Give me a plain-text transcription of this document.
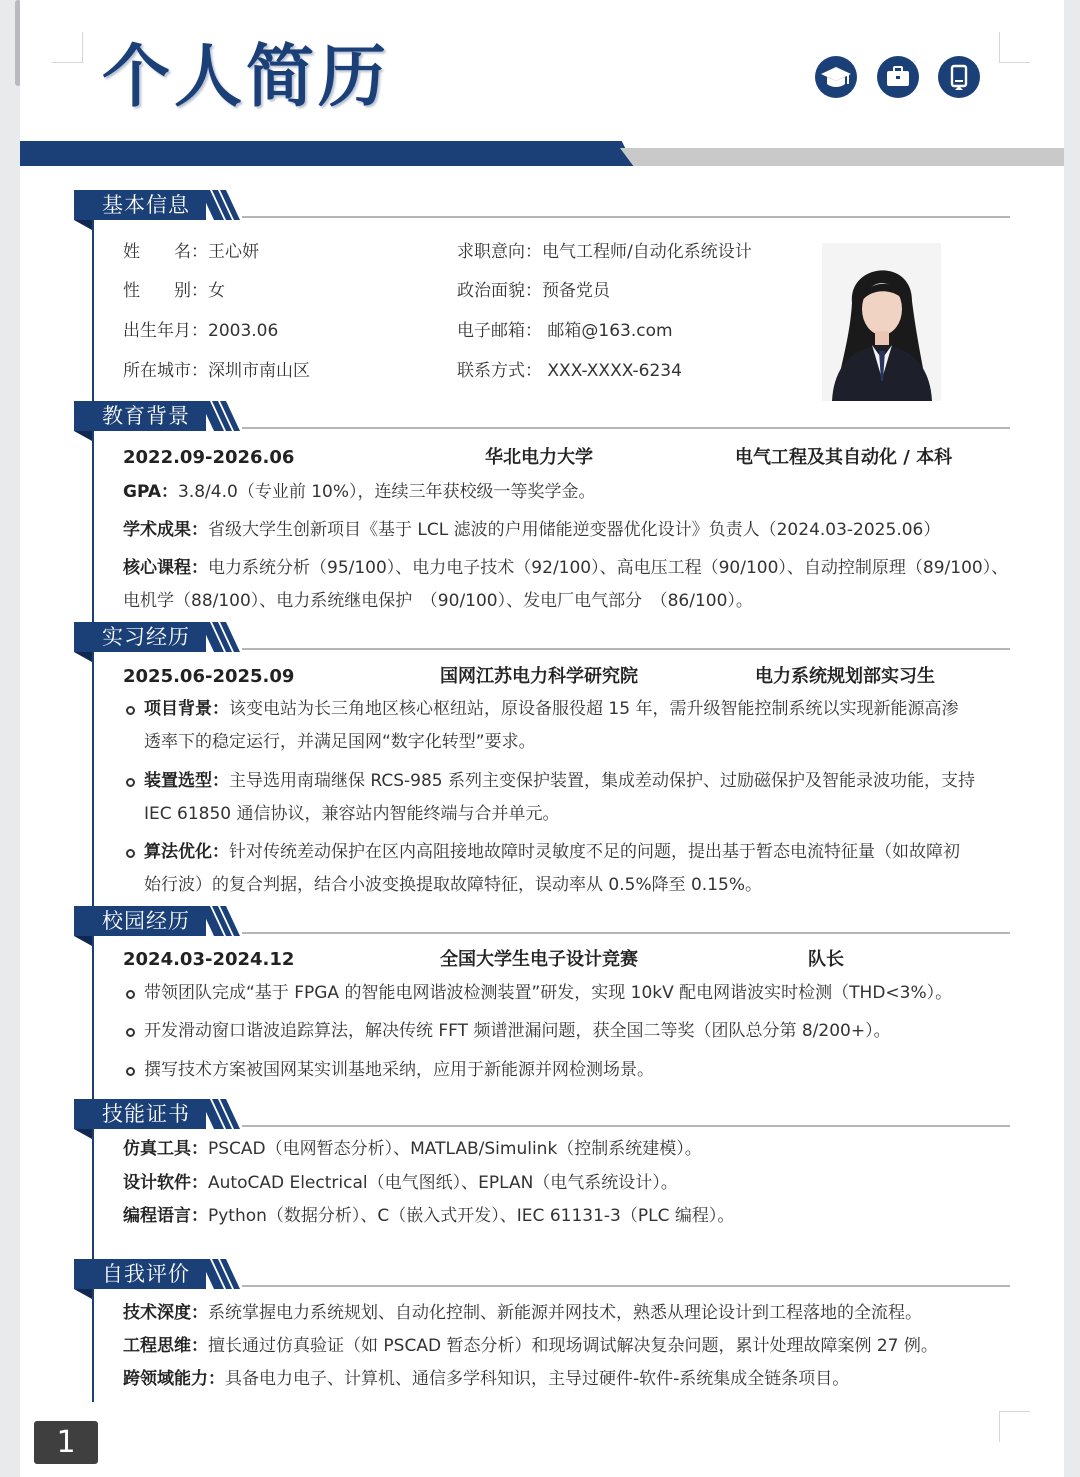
个人简历
基本信息
姓　　名：王心妍
性　　别：女
出生年月：2003.06
所在城市：深圳市南山区
求职意向：电气工程师/自动化系统设计
政治面貌：预备党员
电子邮箱： 邮箱@163.com
联系方式： XXX-XXXX-6234
教育背景
2022.09-2026.06	华北电力大学	电气工程及其自动化 / 本科
GPA：3.8/4.0（专业前 10%），连续三年获校级一等奖学金。
学术成果：省级大学生创新项目《基于 LCL 滤波的户用储能逆变器优化设计》负责人（2024.03-2025.06）
核心课程：电力系统分析（95/100）、电力电子技术（92/100）、高电压工程（90/100）、自动控制原理（89/100）、
电机学（88/100）、电力系统继电保护　（90/100）、发电厂电气部分　（86/100）。
实习经历
2025.06-2025.09	国网江苏电力科学研究院	电力系统规划部实习生
项目背景：该变电站为长三角地区核心枢纽站，原设备服役超 15 年，需升级智能控制系统以实现新能源高渗
透率下的稳定运行，并满足国网“数字化转型”要求。
装置选型：主导选用南瑞继保 RCS-985 系列主变保护装置，集成差动保护、过励磁保护及智能录波功能，支持
IEC 61850 通信协议，兼容站内智能终端与合并单元。
算法优化：针对传统差动保护在区内高阻接地故障时灵敏度不足的问题，提出基于暂态电流特征量（如故障初
始行波）的复合判据，结合小波变换提取故障特征，误动率从 0.5%降至 0.15%。
校园经历
2024.03-2024.12	全国大学生电子设计竞赛	队长
带领团队完成“基于 FPGA 的智能电网谐波检测装置”研发，实现 10kV 配电网谐波实时检测（THD<3%）。
开发滑动窗口谐波追踪算法，解决传统 FFT 频谱泄漏问题，获全国二等奖（团队总分第 8/200+）。
撰写技术方案被国网某实训基地采纳，应用于新能源并网检测场景。
技能证书
仿真工具：PSCAD（电网暂态分析）、MATLAB/Simulink（控制系统建模）。
设计软件：AutoCAD Electrical（电气图纸）、EPLAN（电气系统设计）。
编程语言：Python（数据分析）、C（嵌入式开发）、IEC 61131-3（PLC 编程）。
自我评价
技术深度：系统掌握电力系统规划、自动化控制、新能源并网技术，熟悉从理论设计到工程落地的全流程。
工程思维：擅长通过仿真验证（如 PSCAD 暂态分析）和现场调试解决复杂问题，累计处理故障案例 27 例。
跨领域能力：具备电力电子、计算机、通信多学科知识，主导过硬件-软件-系统集成全链条项目。
1
